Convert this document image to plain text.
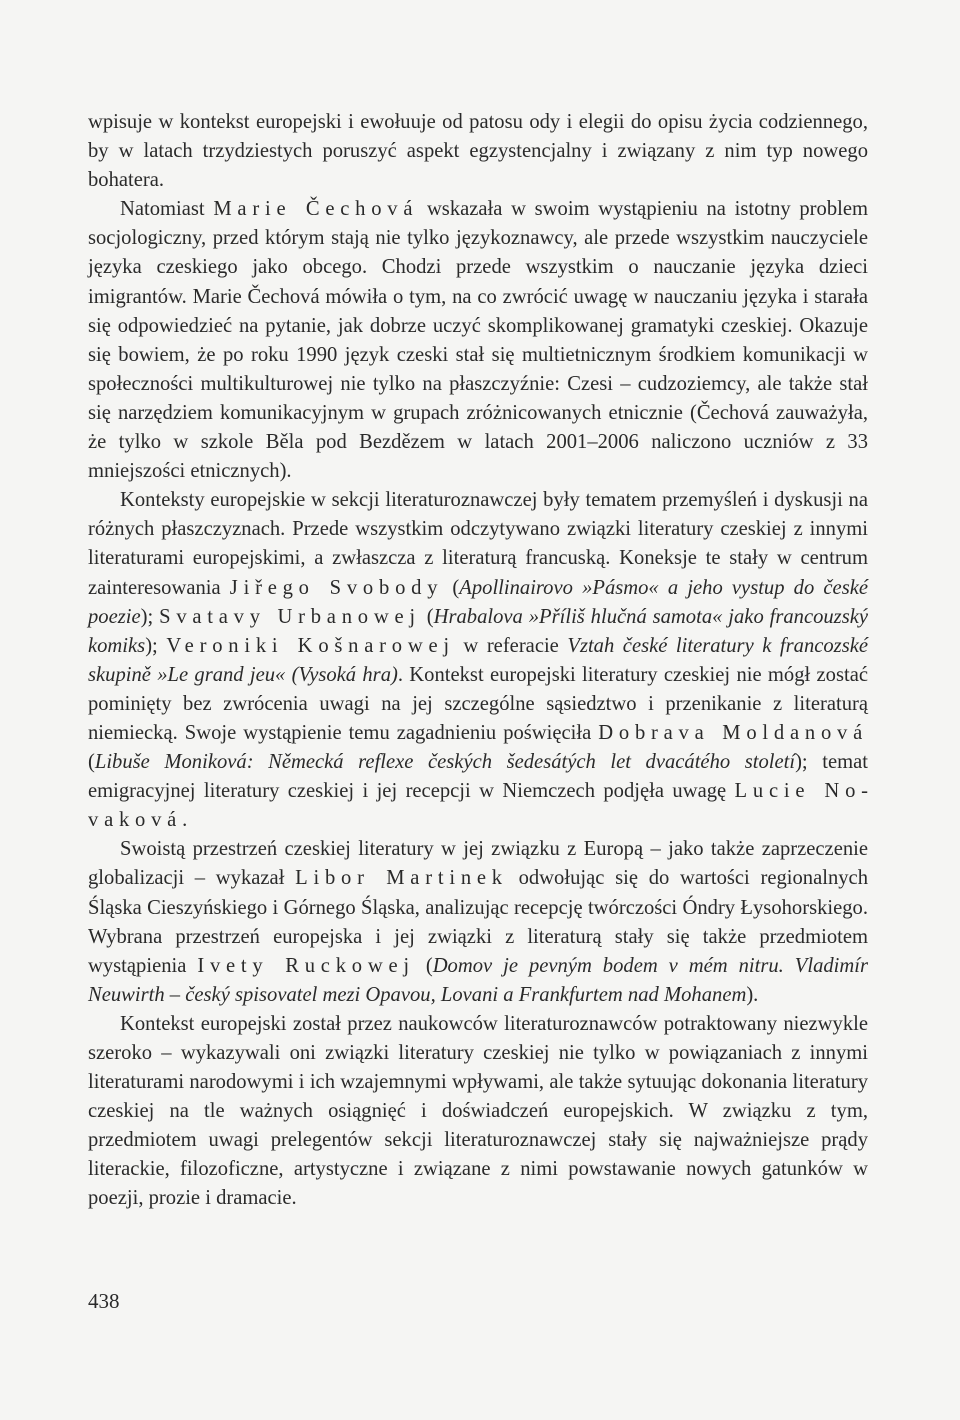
wpisuje w kontekst europejski i ewołuuje od patosu ody i elegii do opisu życia codziennego, by w latach trzydziestych poruszyć aspekt egzystencjalny i związany z nim typ nowego bohatera.

Natomiast Marie Čechová wskazała w swoim wystąpieniu na istotny problem socjologiczny, przed którym stają nie tylko językoznawcy, ale przede wszystkim nauczyciele języka czeskiego jako obcego. Chodzi przede wszystkim o nauczanie języka dzieci imigrantów. Marie Čechová mówiła o tym, na co zwrócić uwagę w nauczaniu języka i starała się odpowiedzieć na pytanie, jak dobrze uczyć skomplikowanej gramatyki czeskiej. Okazuje się bowiem, że po roku 1990 język czeski stał się multietnicznym środkiem komunikacji w społeczności multikulturowej nie tylko na płaszczyźnie: Czesi – cudzoziemcy, ale także stał się narzędziem komunikacyjnym w grupach zróżnicowanych etnicznie (Čechová zauważyła, że tylko w szkole Běla pod Bezdězem w latach 2001–2006 naliczono uczniów z 33 mniejszości etnicznych).

Konteksty europejskie w sekcji literaturoznawczej były tematem przemyśleń i dyskusji na różnych płaszczyznach. Przede wszystkim odczytywano związki literatury czeskiej z innymi literaturami europejskimi, a zwłaszcza z literaturą francuską. Koneksje te stały w centrum zainteresowania Jiřego Svobody (Apollinairovo »Pásmo« a jeho vystup do české poezie); Svatavy Urbanowej (Hrabalova »Příliš hlučná samota« jako francouzský komiks); Veroniki Košnarowej w referacie Vztah české literatury k francozské skupině »Le grand jeu« (Vysoká hra). Kontekst europejski literatury czeskiej nie mógł zostać pominięty bez zwrócenia uwagi na jej szczególne sąsiedztwo i przenikanie z literaturą niemiecką. Swoje wystąpienie temu zagadnieniu poświęciła Dobrava Moldanová (Libuše Moniková: Německá reflexe českých šedesátých let dvacátého století); temat emigracyjnej literatury czeskiej i jej recepcji w Niemczech podjęła uwagę Lucie Novaková.

Swoistą przestrzeń czeskiej literatury w jej związku z Europą – jako także zaprzeczenie globalizacji – wykazał Libor Martinek odwołując się do wartości regionalnych Śląska Cieszyńskiego i Górnego Śląska, analizując recepcję twórczości Óndry Łysohorskiego. Wybrana przestrzeń europejska i jej związki z literaturą stały się także przedmiotem wystąpienia Ivety Ruckowej (Domov je pevným bodem v mém nitru. Vladimír Neuwirth – český spisovatel mezi Opavou, Lovani a Frankfurtem nad Mohanem).

Kontekst europejski został przez naukowców literaturoznawców potraktowany niezwykle szeroko – wykazywali oni związki literatury czeskiej nie tylko w powiązaniach z innymi literaturami narodowymi i ich wzajemnymi wpływami, ale także sytuując dokonania literatury czeskiej na tle ważnych osiągnięć i doświadczeń europejskich. W związku z tym, przedmiotem uwagi prelegentów sekcji literaturoznawczej stały się najważniejsze prądy literackie, filozoficzne, artystyczne i związane z nimi powstawanie nowych gatunków w poezji, prozie i dramacie.

438
